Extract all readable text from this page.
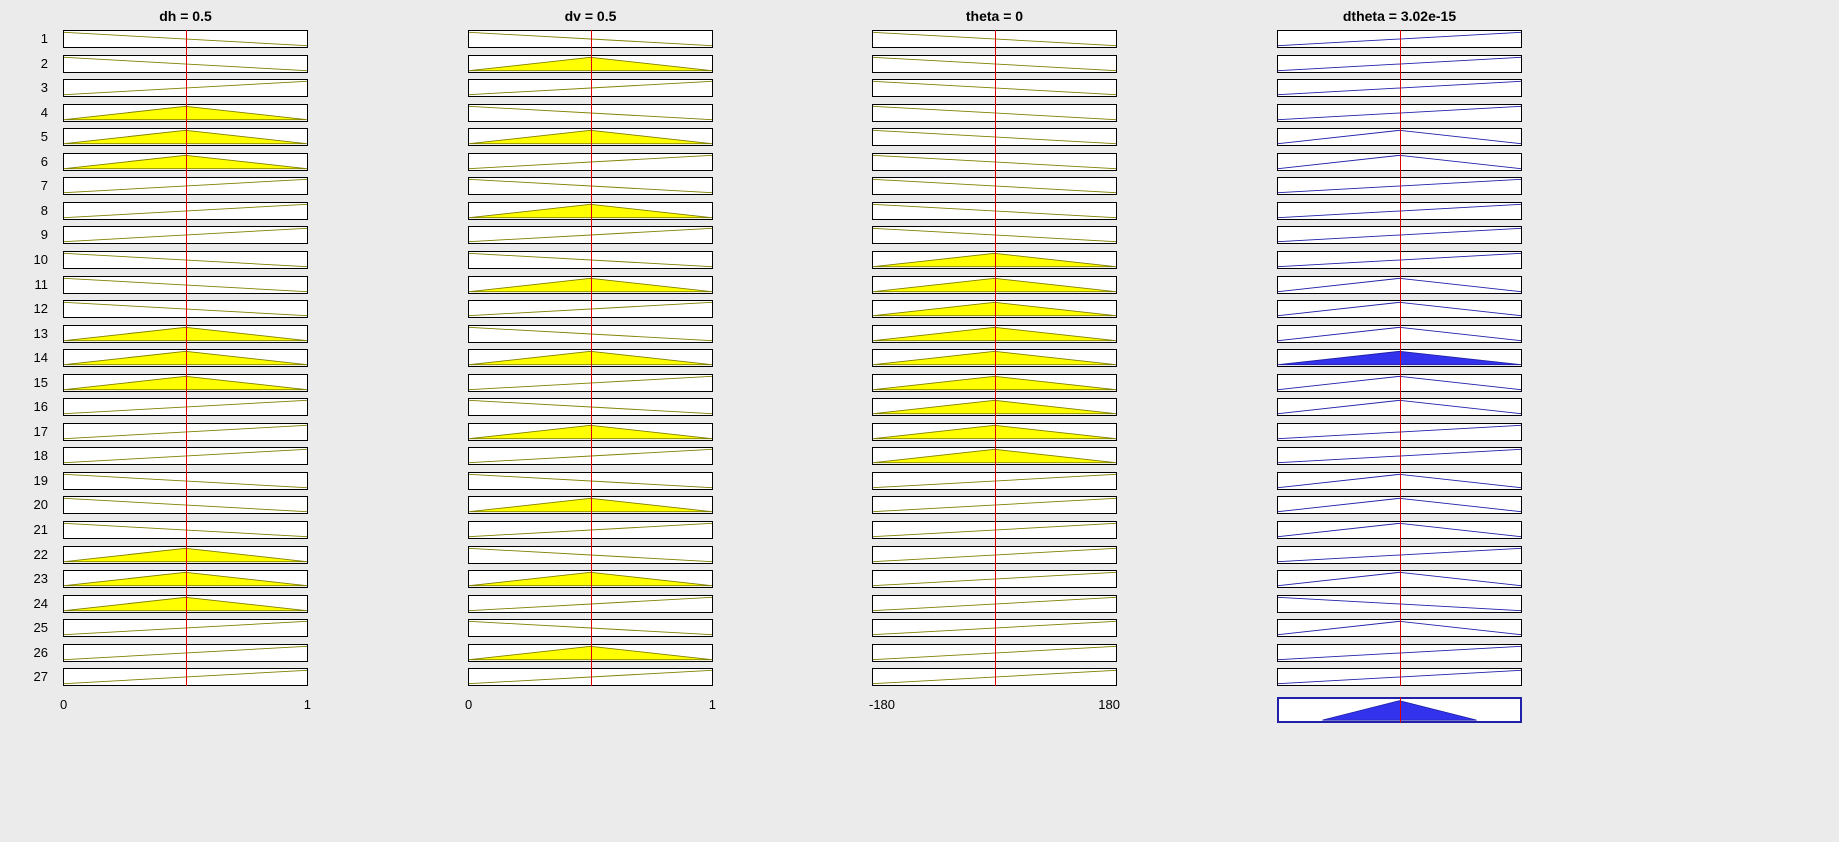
1
2
3
4
5
6
7
8
9
10
11
12
13
14
15
16
17
18
19
20
21
22
23
24
25
26
27
dh = 0.5
0	1
dv = 0.5
0	1
theta = 0
-180	180
dtheta = 3.02e-15
